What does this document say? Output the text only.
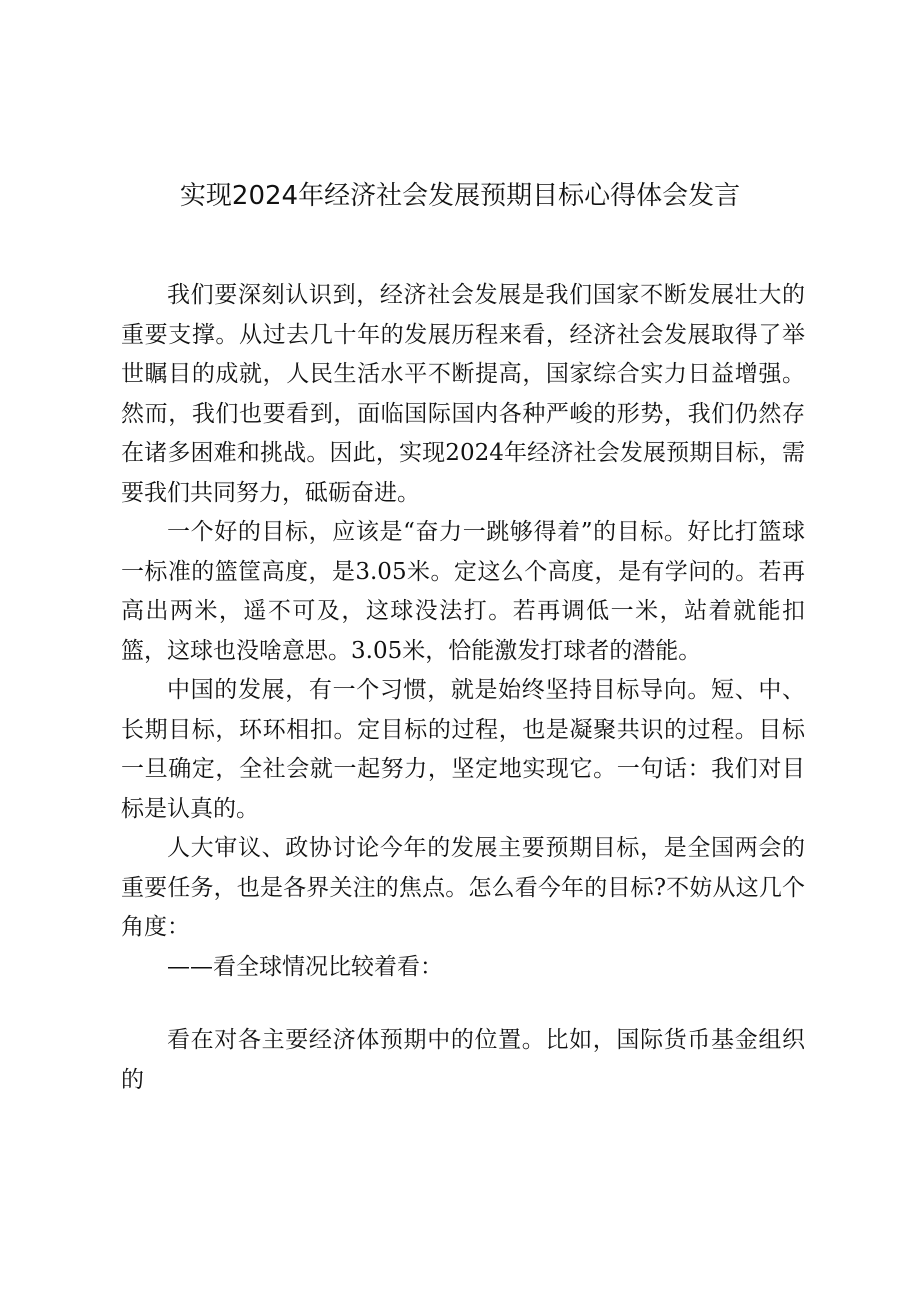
实现2024年经济社会发展预期目标心得体会发言

我们要深刻认识到，经济社会发展是我们国家不断发展壮大的重要支撑。从过去几十年的发展历程来看，经济社会发展取得了举世瞩目的成就，人民生活水平不断提高，国家综合实力日益增强。然而，我们也要看到，面临国际国内各种严峻的形势，我们仍然存在诸多困难和挑战。因此，实现2024年经济社会发展预期目标，需要我们共同努力，砥砺奋进。

一个好的目标，应该是“奋力一跳够得着”的目标。好比打篮球一标准的篮筐高度，是3.05米。定这么个高度，是有学问的。若再高出两米，遥不可及，这球没法打。若再调低一米，站着就能扣篮，这球也没啥意思。3.05米，恰能激发打球者的潜能。

中国的发展，有一个习惯，就是始终坚持目标导向。短、中、长期目标，环环相扣。定目标的过程，也是凝聚共识的过程。目标一旦确定，全社会就一起努力，坚定地实现它。一句话：我们对目标是认真的。

人大审议、政协讨论今年的发展主要预期目标，是全国两会的重要任务，也是各界关注的焦点。怎么看今年的目标?不妨从这几个角度：

——看全球情况比较着看：

看在对各主要经济体预期中的位置。比如，国际货币基金组织的
